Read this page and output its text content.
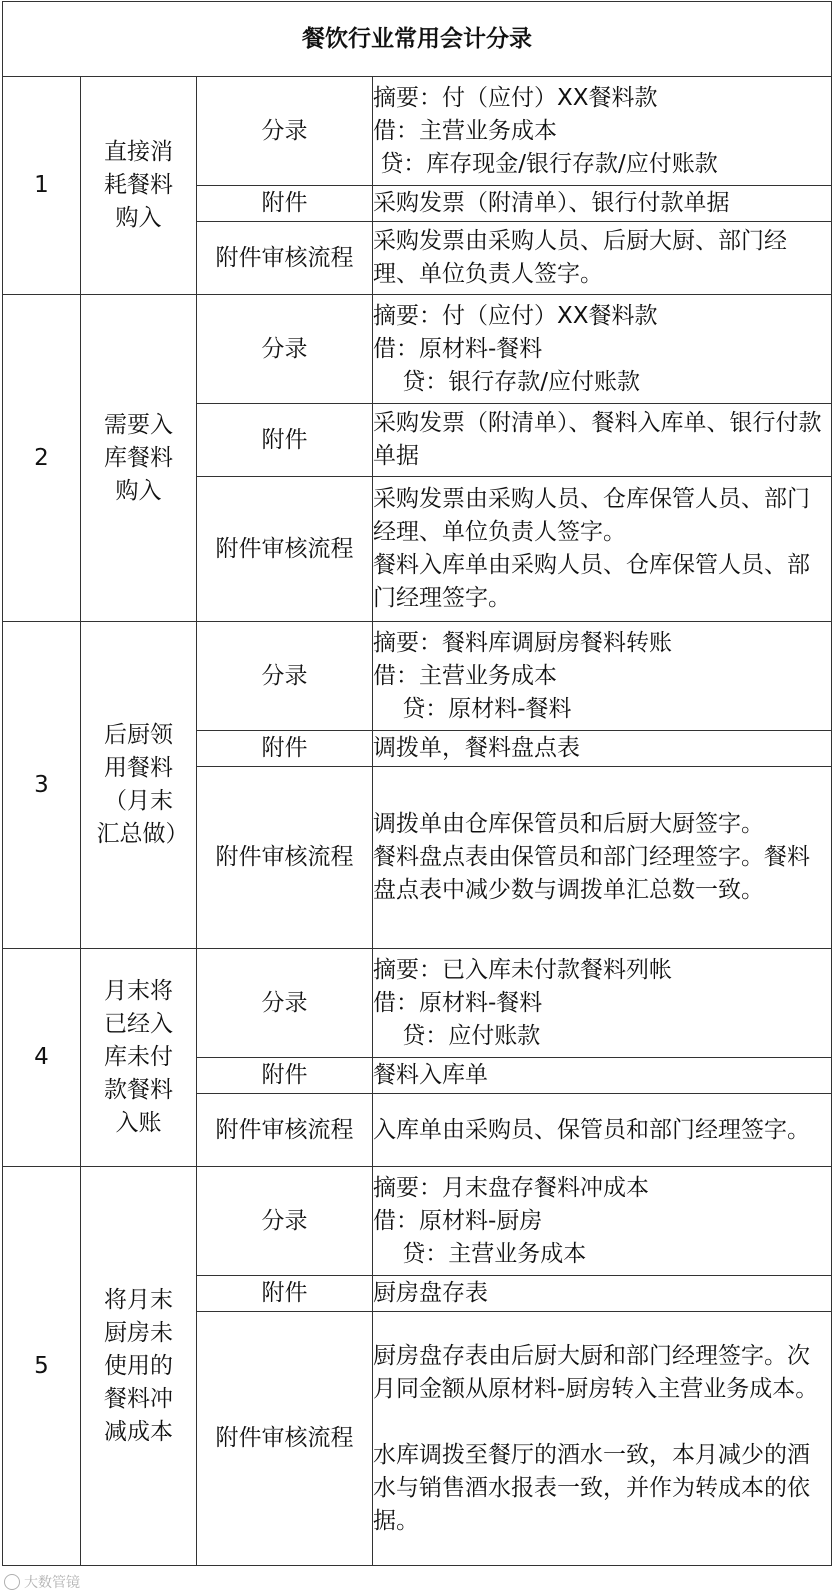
餐饮行业常用会计分录			
1	直接消耗餐料购入	分录	摘要：付（应付）XX餐料款
借：主营业务成本
贷：库存现金/银行存款/应付账款

		附件	采购发票（附清单）、银行付款单据

		附件审核流程	采购发票由采购人员、后厨大厨、部门经理、单位负责人签字。

2	需要入库餐料购入	分录	摘要：付（应付）XX餐料款
借：原材料-餐料
贷：银行存款/应付账款

		附件	采购发票（附清单）、餐料入库单、银行付款单据

		附件审核流程	采购发票由采购人员、仓库保管人员、部门经理、单位负责人签字。
餐料入库单由采购人员、仓库保管人员、部门经理签字。

3	后厨领用餐料（月末汇总做）	分录	摘要：餐料库调厨房餐料转账
借：主营业务成本
贷：原材料-餐料

		附件	调拨单，餐料盘点表

		附件审核流程	调拨单由仓库保管员和后厨大厨签字。
餐料盘点表由保管员和部门经理签字。餐料盘点表中减少数与调拨单汇总数一致。

4	月末将已经入库未付款餐料入账	分录	摘要：已入库未付款餐料列帐
借：原材料-餐料
贷：应付账款

		附件	餐料入库单

		附件审核流程	入库单由采购员、保管员和部门经理签字。

5	将月末厨房未使用的餐料冲减成本	分录	摘要：月末盘存餐料冲成本
借：原材料-厨房
贷：主营业务成本

		附件	厨房盘存表

		附件审核流程	厨房盘存表由后厨大厨和部门经理签字。次月同金额从原材料-厨房转入主营业务成本。
水库调拨至餐厅的酒水一致，本月减少的酒水与销售酒水报表一致，并作为转成本的依据。
大数管镜
